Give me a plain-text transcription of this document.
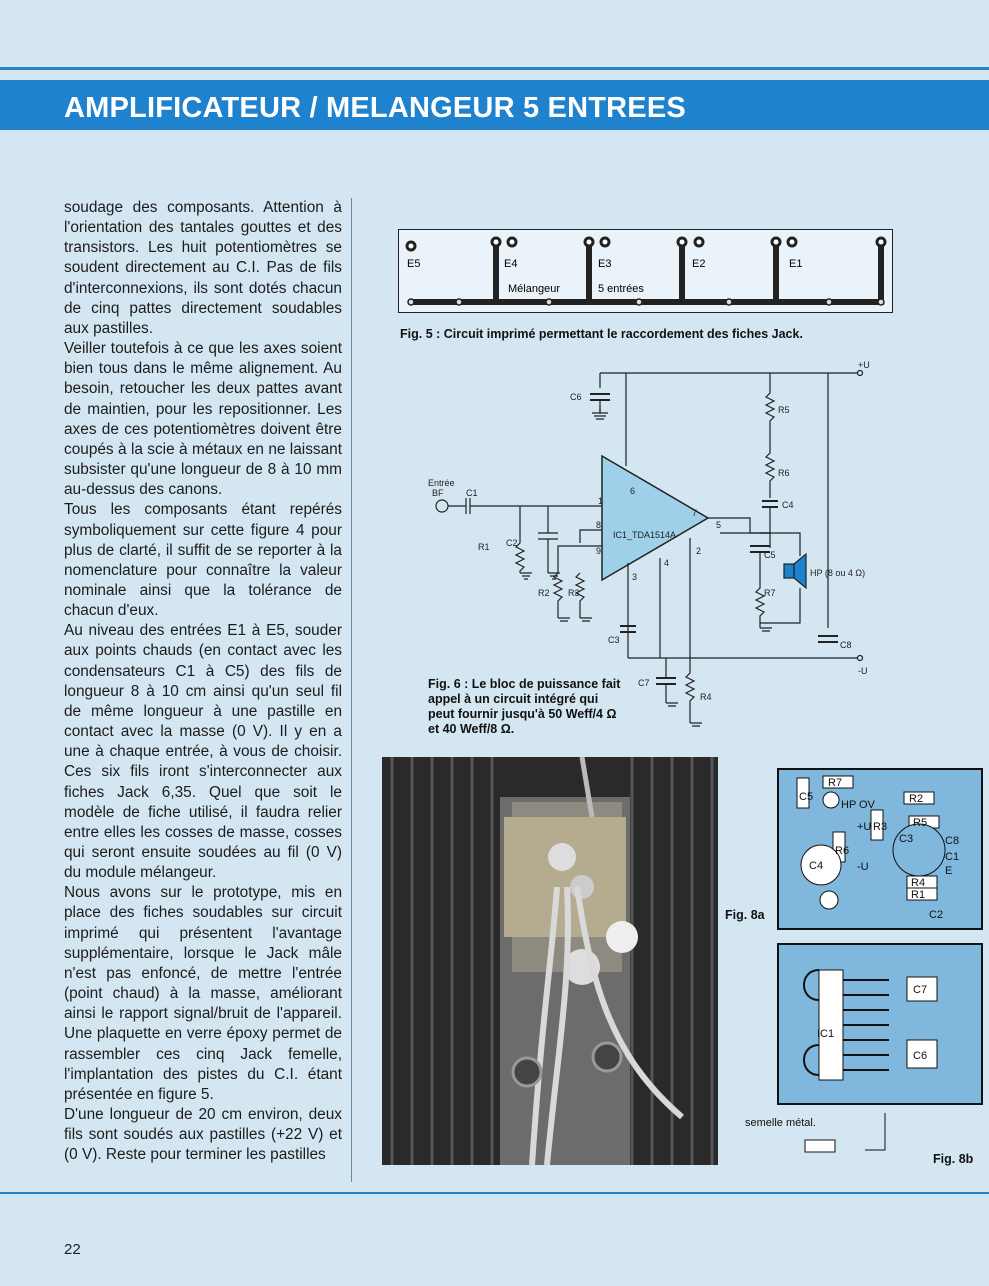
AMPLIFICATEUR / MELANGEUR 5 ENTREES

soudage des composants. Attention à l'orientation des tantales gouttes et des transistors. Les huit potentiomètres se soudent directement au C.I. Pas de fils d'interconnexions, ils sont dotés chacun de cinq pattes directement soudables aux pastilles.

Veiller toutefois à ce que les axes soient bien tous dans le même alignement. Au besoin, retoucher les deux pattes avant de maintien, pour les repositionner. Les axes de ces potentiomètres doivent être coupés à la scie à métaux en ne laissant subsister qu'une longueur de 8 à 10 mm au-dessus des canons.

Tous les composants étant repérés symboliquement sur cette figure 4 pour plus de clarté, il suffit de se reporter à la nomenclature pour connaître la valeur nominale ainsi que la tolérance de chacun d'eux.

Au niveau des entrées E1 à E5, souder aux points chauds (en contact avec les condensateurs C1 à C5) des fils de longueur 8 à 10 cm ainsi qu'un seul fil de même longueur à une pastille en contact avec la masse (0 V). Il y en a une à chaque entrée, à vous de choisir. Ces six fils iront s'interconnecter aux fiches Jack 6,35. Quel que soit le modèle de fiche utilisé, il faudra relier entre elles les cosses de masse, cosses qui seront ensuite soudées au fil (0 V) du module mélangeur.

Nous avons sur le prototype, mis en place des fiches soudables sur circuit imprimé qui présentent l'avantage supplémentaire, lorsque le Jack mâle n'est pas enfoncé, de mettre l'entrée (point chaud) à la masse, améliorant ainsi le rapport signal/bruit de l'appareil. Une plaquette en verre époxy permet de rassembler ces cinq Jack femelle, l'implantation des pistes du C.I. étant présentée en figure 5.

D'une longueur de 20 cm environ, deux fils sont soudés aux pastilles (+22 V) et (0 V). Reste pour terminer les pastilles

E5	E4	E3	E2	E1
Mélangeur	5 entrées
Fig. 5 : Circuit imprimé permettant le raccordement des fiches Jack.
+U
-U
C6
R5
R6
C4
Entrée
BF C1
R1 C2
R2 R3
IC1_TDA1514A
C5
R7
HP (8 ou 4 Ω)
C3	C8
C7
R4
1
2
3
4
5
6
7
8
9
Fig. 6 : Le bloc de puissance fait appel à un circuit intégré qui peut fournir jusqu'à 50 Weff/4 Ω et 40 Weff/8 Ω.
C5
R7
R2
R5
R3
R6
C3	C8
C1
C4
R4
R1
C2
HP OV
+U
-U	E
Fig. 8a
IC1
C7
C6
semelle métal.
Fig. 8b
22
